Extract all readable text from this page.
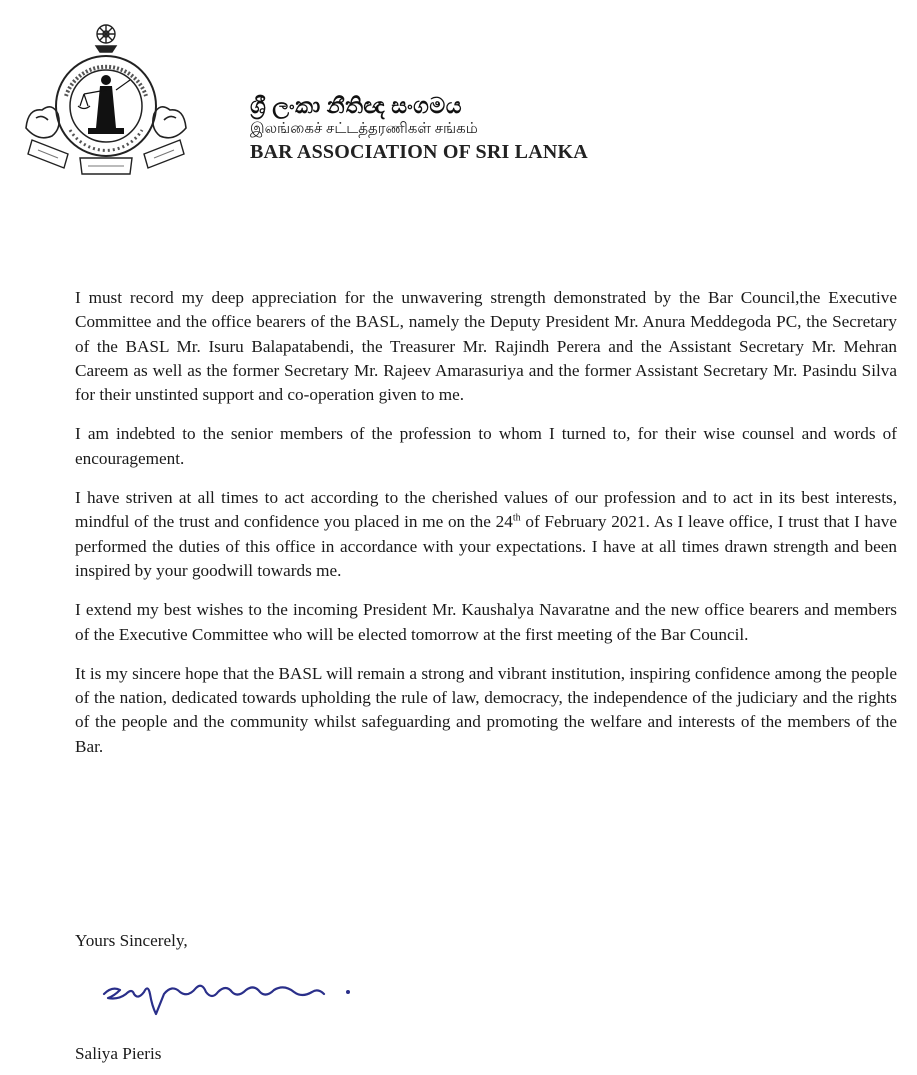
ශ්‍රී ලංකා නීතිඥ සංගමය
இலங்கைச் சட்டத்தரணிகள் சங்கம்
BAR ASSOCIATION OF SRI LANKA

I must record my deep appreciation for the unwavering strength demonstrated by the Bar Council,the Executive Committee and the office bearers of the BASL, namely the Deputy President Mr. Anura Meddegoda PC, the Secretary of the BASL Mr. Isuru Balapatabendi, the Treasurer Mr. Rajindh Perera and the Assistant Secretary Mr. Mehran Careem as well as the former Secretary Mr. Rajeev Amarasuriya and the former Assistant Secretary Mr. Pasindu Silva for their unstinted support and co-operation given to me.

I am indebted to the senior members of the profession to whom I turned to, for their wise counsel and words of encouragement.

I have striven at all times to act according to the cherished values of our profession and to act in its best interests, mindful of the trust and confidence you placed in me on the 24th of February 2021. As I leave office, I trust that I have performed the duties of this office in accordance with your expectations. I have at all times drawn strength and been inspired by your goodwill towards me.

I extend my best wishes to the incoming President Mr. Kaushalya Navaratne and the new office bearers and members of the Executive Committee who will be elected tomorrow at the first meeting of the Bar Council.

It is my sincere hope that the BASL will remain a strong and vibrant institution, inspiring confidence among the people of the nation, dedicated towards upholding the rule of law, democracy, the independence of the judiciary and the rights of the people and the community whilst safeguarding and promoting the welfare and interests of the members of the Bar.

Yours Sincerely,
Saliya Pieris
